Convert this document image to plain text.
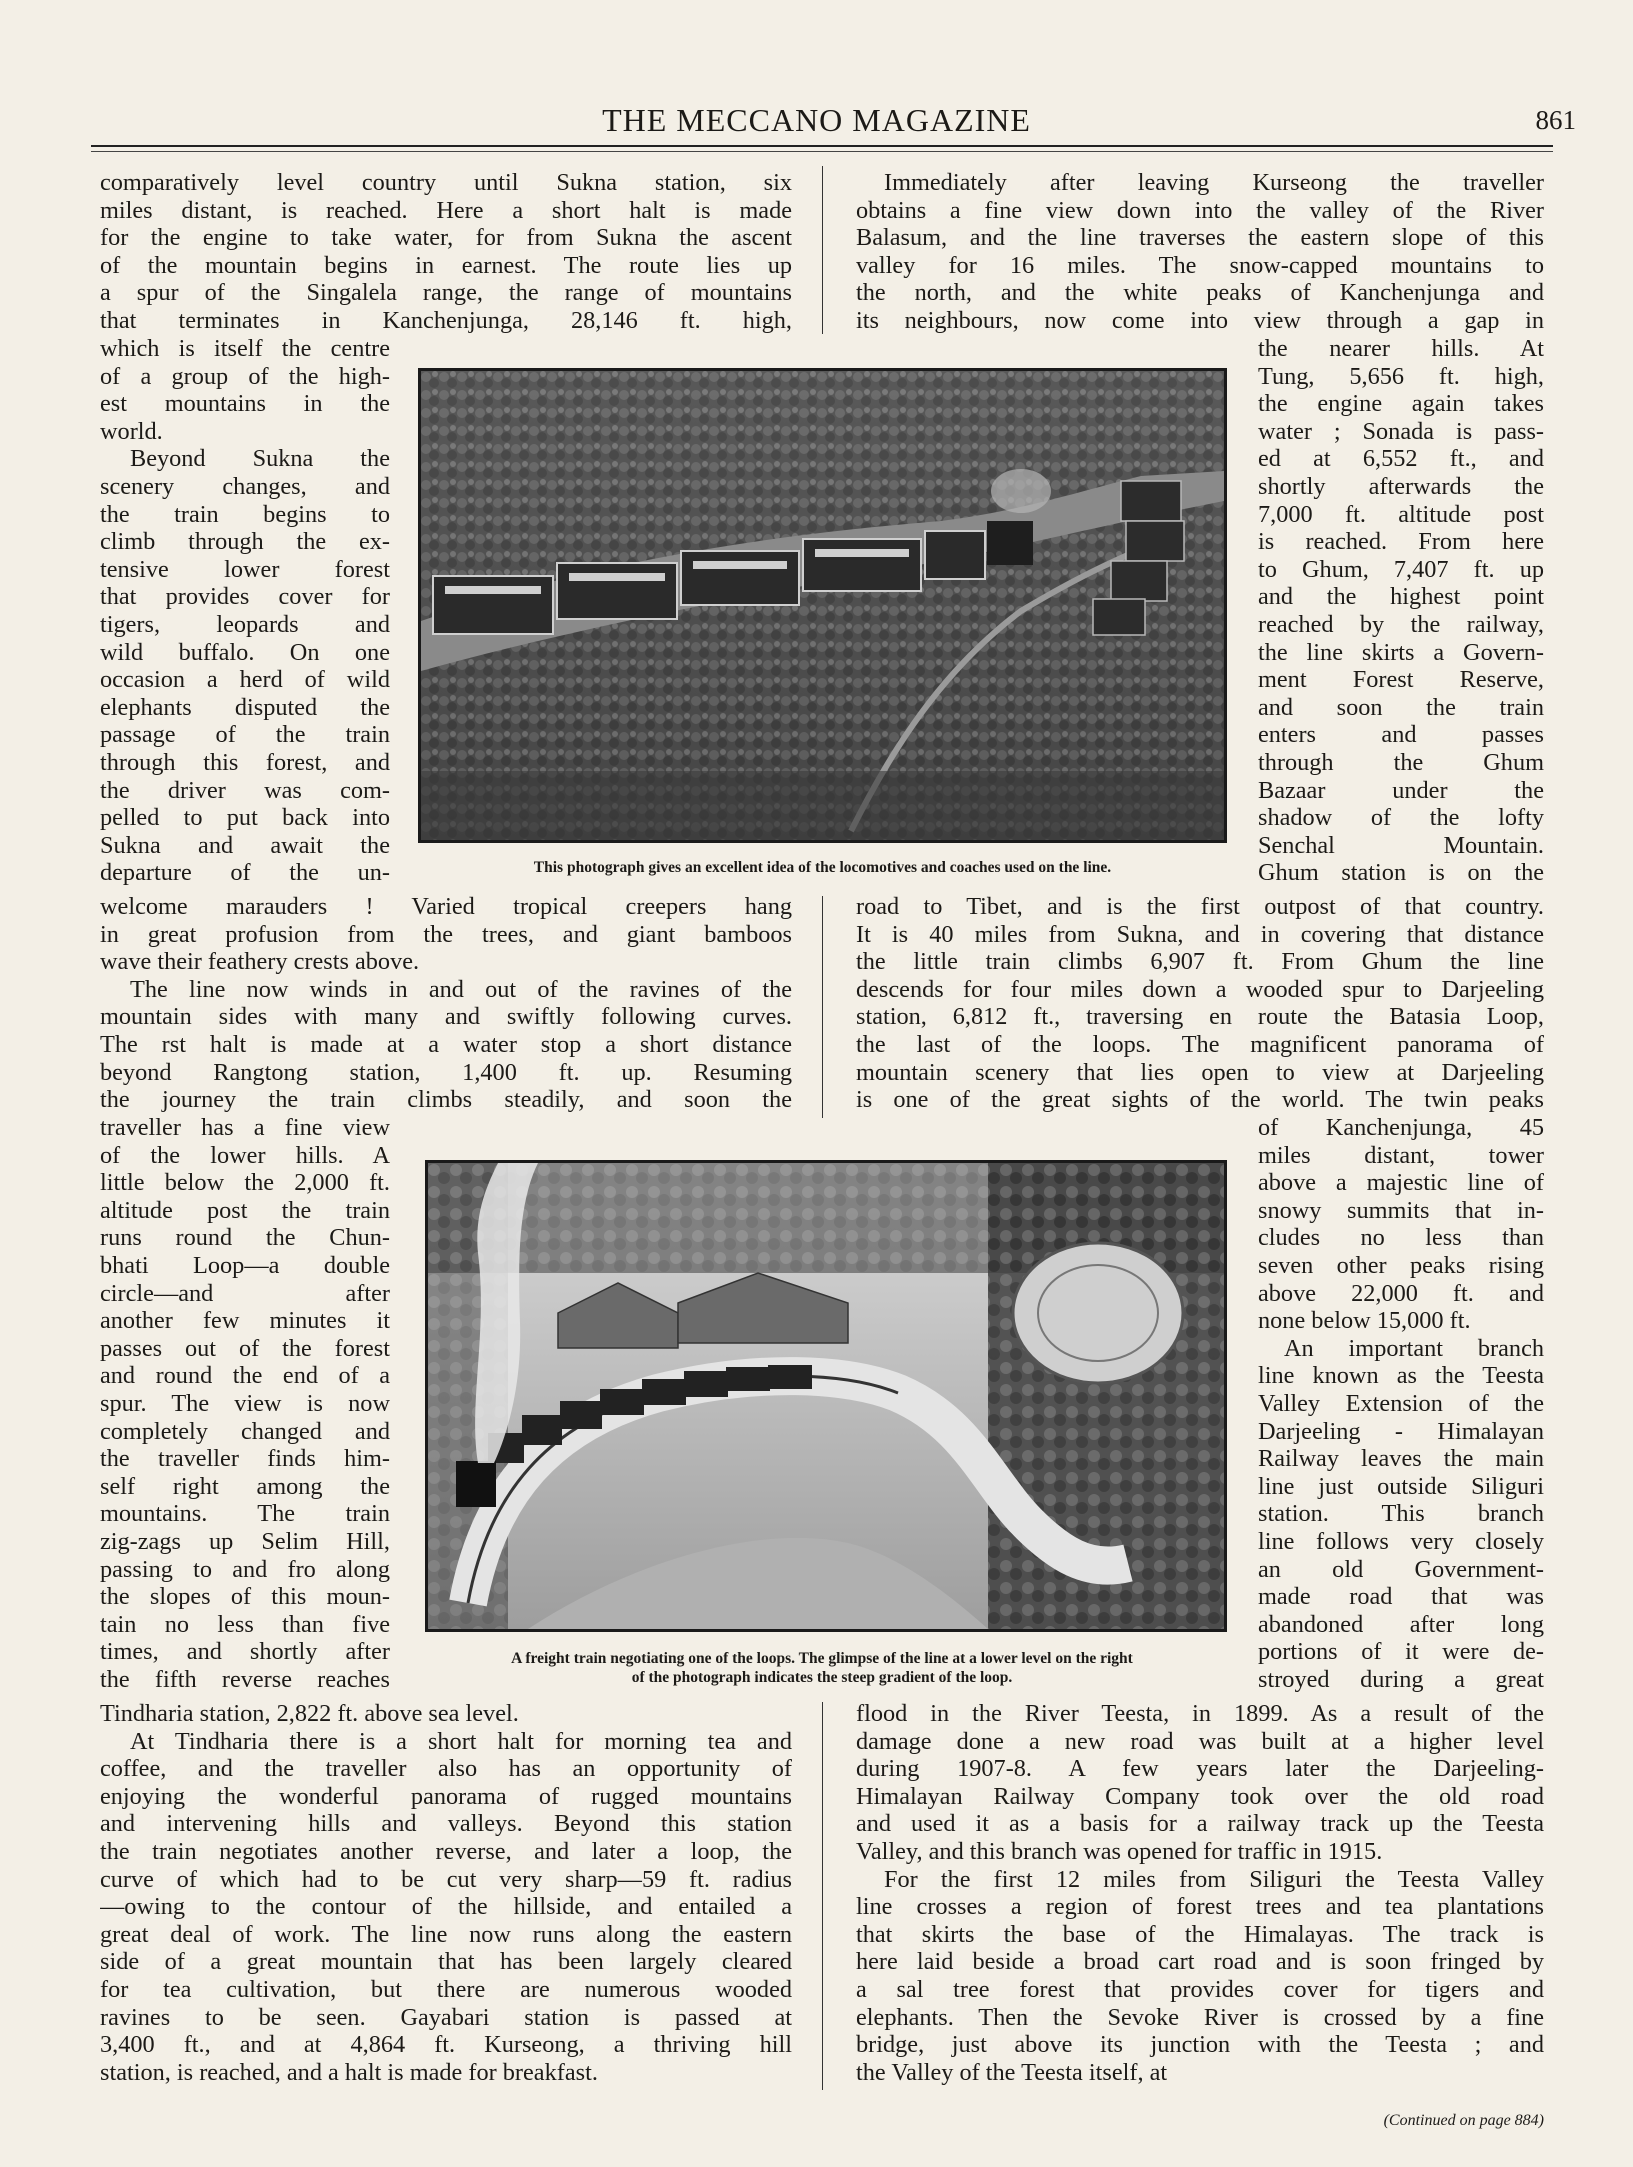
THE MECCANO MAGAZINE	861
comparatively level country until Sukna station, six
miles distant, is reached. Here a short halt is made
for the engine to take water, for from Sukna the ascent
of the mountain begins in earnest. The route lies up
a spur of the Singalela range, the range of mountains
that terminates in Kanchenjunga, 28,146 ft. high,
Immediately after leaving Kurseong the traveller
obtains a fine view down into the valley of the River
Balasum, and the line traverses the eastern slope of this
valley for 16 miles. The snow-capped mountains to
the north, and the white peaks of Kanchenjunga and
its neighbours, now come into view through a gap in
which is itself the centre
of a group of the high-
est mountains in the
world.
Beyond Sukna the
scenery changes, and
the train begins to
climb through the ex-
tensive lower forest
that provides cover for
tigers, leopards and
wild buffalo. On one
occasion a herd of wild
elephants disputed the
passage of the train
through this forest, and
the driver was com-
pelled to put back into
Sukna and await the
departure of the un-
the nearer hills. At
Tung, 5,656 ft. high,
the engine again takes
water ; Sonada is pass-
ed at 6,552 ft., and
shortly afterwards the
7,000 ft. altitude post
is reached. From here
to Ghum, 7,407 ft. up
and the highest point
reached by the railway,
the line skirts a Govern-
ment Forest Reserve,
and soon the train
enters and passes
through the Ghum
Bazaar under the
shadow of the lofty
Senchal Mountain.
Ghum station is on the
welcome marauders ! Varied tropical creepers hang
in great profusion from the trees, and giant bamboos
wave their feathery crests above.
The line now winds in and out of the ravines of the
mountain sides with many and swiftly following curves.
The rst halt is made at a water stop a short distance
beyond Rangtong station, 1,400 ft. up. Resuming
the journey the train climbs steadily, and soon the
road to Tibet, and is the first outpost of that country.
It is 40 miles from Sukna, and in covering that distance
the little train climbs 6,907 ft. From Ghum the line
descends for four miles down a wooded spur to Darjeeling
station, 6,812 ft., traversing en route the Batasia Loop,
the last of the loops. The magnificent panorama of
mountain scenery that lies open to view at Darjeeling
is one of the great sights of the world. The twin peaks
traveller has a fine view
of the lower hills. A
little below the 2,000 ft.
altitude post the train
runs round the Chun-
bhati Loop—a double
circle—and after
another few minutes it
passes out of the forest
and round the end of a
spur. The view is now
completely changed and
the traveller finds him-
self right among the
mountains. The train
zig-zags up Selim Hill,
passing to and fro along
the slopes of this moun-
tain no less than five
times, and shortly after
the fifth reverse reaches
of Kanchenjunga, 45
miles distant, tower
above a majestic line of
snowy summits that in-
cludes no less than
seven other peaks rising
above 22,000 ft. and
none below 15,000 ft.
An important branch
line known as the Teesta
Valley Extension of the
Darjeeling - Himalayan
Railway leaves the main
line just outside Siliguri
station. This branch
line follows very closely
an old Government-
made road that was
abandoned after long
portions of it were de-
stroyed during a great
Tindharia station, 2,822 ft. above sea level.
At Tindharia there is a short halt for morning tea and
coffee, and the traveller also has an opportunity of
enjoying the wonderful panorama of rugged mountains
and intervening hills and valleys. Beyond this station
the train negotiates another reverse, and later a loop, the
curve of which had to be cut very sharp—59 ft. radius
—owing to the contour of the hillside, and entailed a
great deal of work. The line now runs along the eastern
side of a great mountain that has been largely cleared
for tea cultivation, but there are numerous wooded
ravines to be seen. Gayabari station is passed at
3,400 ft., and at 4,864 ft. Kurseong, a thriving hill
station, is reached, and a halt is made for breakfast.
flood in the River Teesta, in 1899. As a result of the
damage done a new road was built at a higher level
during 1907-8. A few years later the Darjeeling-
Himalayan Railway Company took over the old road
and used it as a basis for a railway track up the Teesta
Valley, and this branch was opened for traffic in 1915.
For the first 12 miles from Siliguri the Teesta Valley
line crosses a region of forest trees and tea plantations
that skirts the base of the Himalayas. The track is
here laid beside a broad cart road and is soon fringed by
a sal tree forest that provides cover for tigers and
elephants. Then the Sevoke River is crossed by a fine
bridge, just above its junction with the Teesta ; and
the Valley of the Teesta itself, at
This photograph gives an excellent idea of the locomotives and coaches used on the line.
A freight train negotiating one of the loops. The glimpse of the line at a lower level on the right
of the photograph indicates the steep gradient of the loop.
(Continued on page 884)
